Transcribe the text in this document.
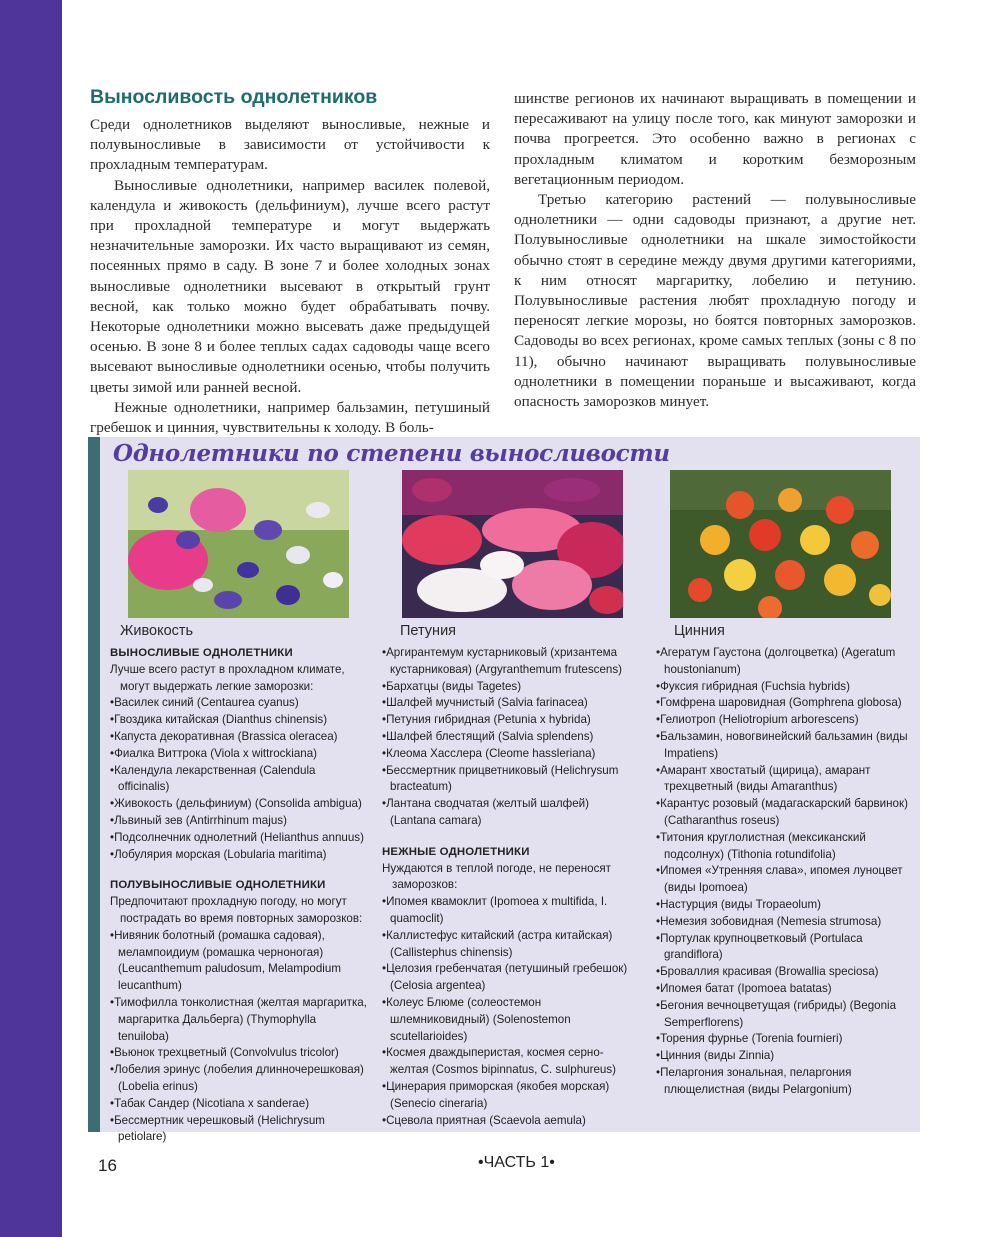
Выносливость однолетников

Среди однолетников выделяют выносливые, нежные и полувыносливые в зависимости от устойчивости к прохладным температурам.

Выносливые однолетники, например василек полевой, календула и живокость (дельфиниум), лучше всего растут при прохладной температуре и могут выдержать незначительные заморозки. Их часто выращивают из семян, посеянных прямо в саду. В зоне 7 и более холодных зонах выносливые однолетники высевают в открытый грунт весной, как только можно будет обрабатывать почву. Некоторые однолетники можно высевать даже предыдущей осенью. В зоне 8 и более теплых садах садоводы чаще всего высевают выносливые однолетники осенью, чтобы получить цветы зимой или ранней весной.

Нежные однолетники, например бальзамин, петушиный гребешок и цинния, чувствительны к холоду. В боль-

шинстве регионов их начинают выращивать в помещении и пересаживают на улицу после того, как минуют заморозки и почва прогреется. Это особенно важно в регионах с прохладным климатом и коротким безморозным вегетационным периодом.

Третью категорию растений — полувыносливые однолетники — одни садоводы признают, а другие нет. Полувыносливые однолетники на шкале зимостойкости обычно стоят в середине между двумя другими категориями, к ним относят маргаритку, лобелию и петунию. Полувыносливые растения любят прохладную погоду и переносят легкие морозы, но боятся повторных заморозков. Садоводы во всех регионах, кроме самых теплых (зоны с 8 по 11), обычно начинают выращивать полувыносливые однолетники в помещении пораньше и высаживают, когда опасность заморозков минует.

Однолетники по степени выносливости
Живокость	Петуния	Цинния
ВЫНОСЛИВЫЕ ОДНОЛЕТНИКИ
Лучше всего растут в прохладном климате, могут выдержать легкие заморозки:
• Василек синий (Centaurea cyanus)
• Гвоздика китайская (Dianthus chinensis)
• Капуста декоративная (Brassica oleracea)
• Фиалка Виттрока (Viola x wittrockiana)
• Календула лекарственная (Calendula officinalis)
• Живокость (дельфиниум) (Consolida ambigua)
• Львиный зев (Antirrhinum majus)
• Подсолнечник однолетний (Helianthus annuus)
• Лобулярия морская (Lobularia maritima)
ПОЛУВЫНОСЛИВЫЕ ОДНОЛЕТНИКИ
Предпочитают прохладную погоду, но могут пострадать во время повторных заморозков:
• Нивяник болотный (ромашка садовая), мелампоидиум (ромашка черноногая) (Leucanthemum paludosum, Melampodium leucanthum)
• Тимофилла тонколистная (желтая маргаритка, маргаритка Дальберга) (Thymophylla tenuiloba)
• Вьюнок трехцветный (Convolvulus tricolor)
• Лобелия эринус (лобелия длинночерешковая) (Lobelia erinus)
• Табак Сандер (Nicotiana x sanderae)
• Бессмертник черешковый (Helichrysum petiolare)
• Аргирантемум кустарниковый (хризантема кустарниковая) (Argyranthemum frutescens)
• Бархатцы (виды Tagetes)
• Шалфей мучнистый (Salvia farinacea)
• Петуния гибридная (Petunia x hybrida)
• Шалфей блестящий (Salvia splendens)
• Клеома Хасслера (Cleome hassleriana)
• Бессмертник прицветниковый (Helichrysum bracteatum)
• Лантана сводчатая (желтый шалфей) (Lantana camara)
НЕЖНЫЕ ОДНОЛЕТНИКИ
Нуждаются в теплой погоде, не переносят заморозков:
• Ипомея квамоклит (Ipomoea x multifida, I. quamoclit)
• Каллистефус китайский (астра китайская) (Callistephus chinensis)
• Целозия гребенчатая (петушиный гребешок) (Celosia argentea)
• Колеус Блюме (солеостемон шлемниковидный) (Solenostemon scutellarioides)
• Космея дваждыперистая, космея серно-желтая (Cosmos bipinnatus, C. sulphureus)
• Цинерария приморская (якобея морская) (Senecio cineraria)
• Сцевола приятная (Scaevola aemula)
• Агератум Гаустона (долгоцветка) (Ageratum houstonianum)
• Фуксия гибридная (Fuchsia hybrids)
• Гомфрена шаровидная (Gomphrena globosa)
• Гелиотроп (Heliotropium arborescens)
• Бальзамин, новогвинейский бальзамин (виды Impatiens)
• Амарант хвостатый (щирица), амарант трехцветный (виды Amaranthus)
• Карантус розовый (мадагаскарский барвинок) (Catharanthus roseus)
• Титония круглолистная (мексиканский подсолнух) (Tithonia rotundifolia)
• Ипомея «Утренняя слава», ипомея луноцвет (виды Ipomoea)
• Настурция (виды Tropaeolum)
• Немезия зобовидная (Nemesia strumosa)
• Портулак крупноцветковый (Portulaca grandiflora)
• Броваллия красивая (Browallia speciosa)
• Ипомея батат (Ipomoea batatas)
• Бегония вечноцветущая (гибриды) (Begonia Semperflorens)
• Торения фурнье (Torenia fournieri)
• Цинния (виды Zinnia)
• Пеларгония зональная, пеларгония плющелистная (виды Pelargonium)
16	•ЧАСТЬ 1•
